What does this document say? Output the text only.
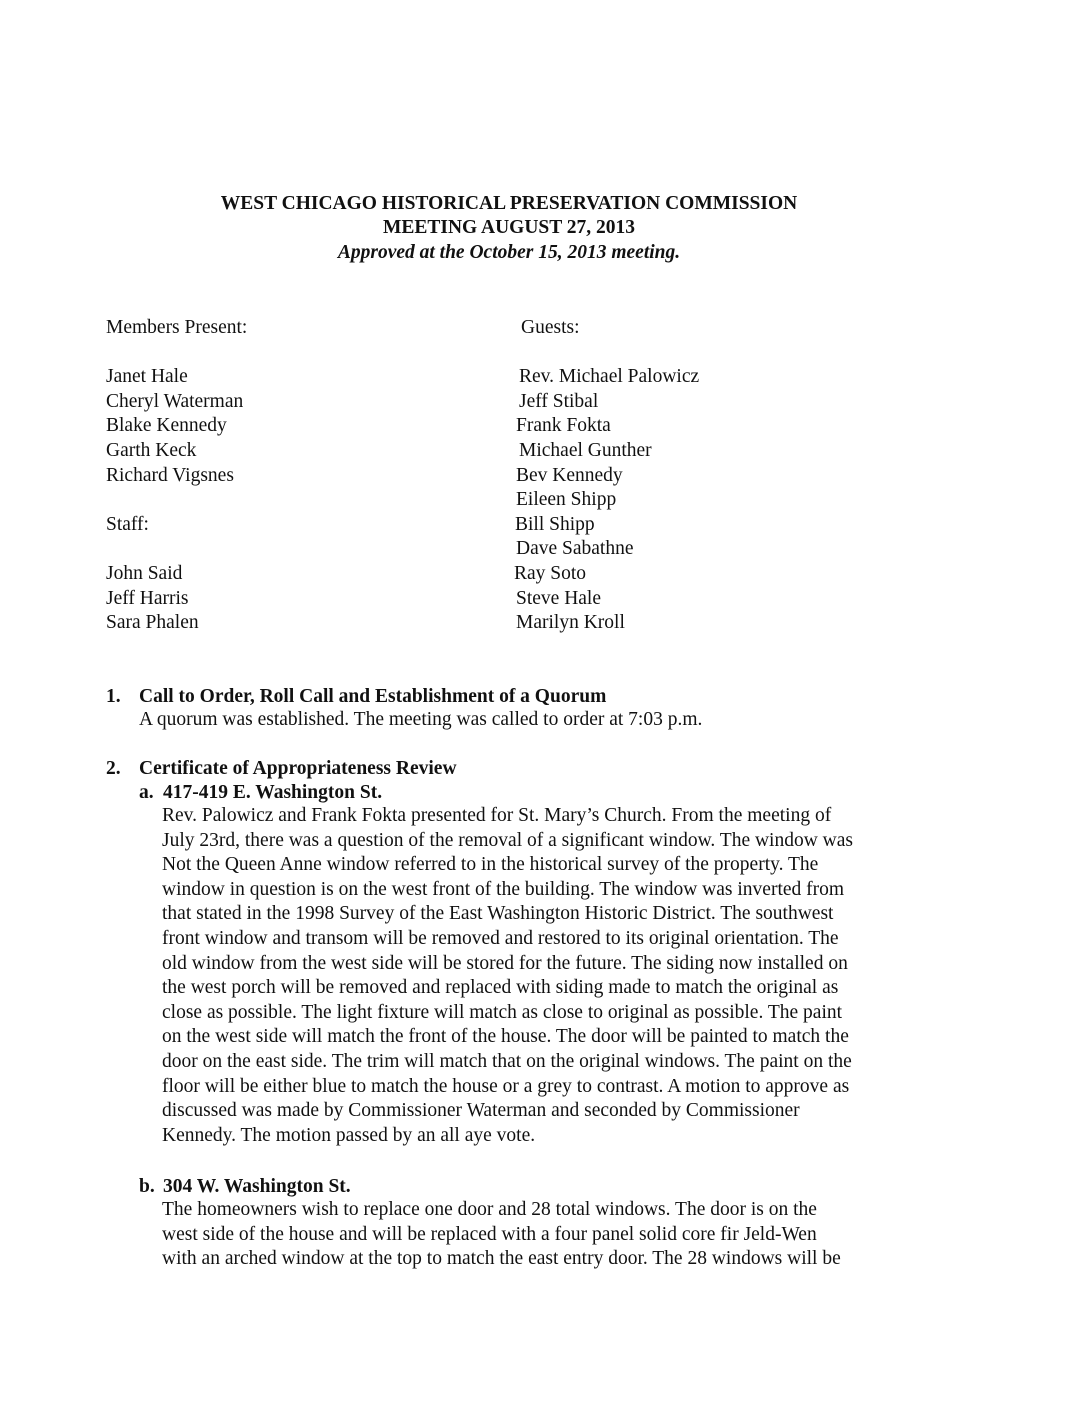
WEST CHICAGO HISTORICAL PRESERVATION COMMISSION
MEETING AUGUST 27, 2013
Approved at the October 15, 2013 meeting.
Members Present:
Janet Hale
Cheryl Waterman
Blake Kennedy
Garth Keck
Richard Vigsnes
Staff:
John Said
Jeff Harris
Sara Phalen
Guests:
Rev. Michael Palowicz
Jeff Stibal
Frank Fokta
Michael Gunther
Bev Kennedy
Eileen Shipp
Bill Shipp
Dave Sabathne
Ray Soto
Steve Hale
Marilyn Kroll
1. Call to Order, Roll Call and Establishment of a Quorum
A quorum was established. The meeting was called to order at 7:03 p.m.
2. Certificate of Appropriateness Review
a. 417-419 E. Washington St.
Rev. Palowicz and Frank Fokta presented for St. Mary’s Church. From the meeting of
July 23rd, there was a question of the removal of a significant window. The window was
Not the Queen Anne window referred to in the historical survey of the property. The
window in question is on the west front of the building. The window was inverted from
that stated in the 1998 Survey of the East Washington Historic District. The southwest
front window and transom will be removed and restored to its original orientation. The
old window from the west side will be stored for the future. The siding now installed on
the west porch will be removed and replaced with siding made to match the original as
close as possible. The light fixture will match as close to original as possible. The paint
on the west side will match the front of the house. The door will be painted to match the
door on the east side. The trim will match that on the original windows. The paint on the
floor will be either blue to match the house or a grey to contrast. A motion to approve as
discussed was made by Commissioner Waterman and seconded by Commissioner
Kennedy. The motion passed by an all aye vote.
b. 304 W. Washington St.
The homeowners wish to replace one door and 28 total windows. The door is on the
west side of the house and will be replaced with a four panel solid core fir Jeld-Wen
with an arched window at the top to match the east entry door. The 28 windows will be
